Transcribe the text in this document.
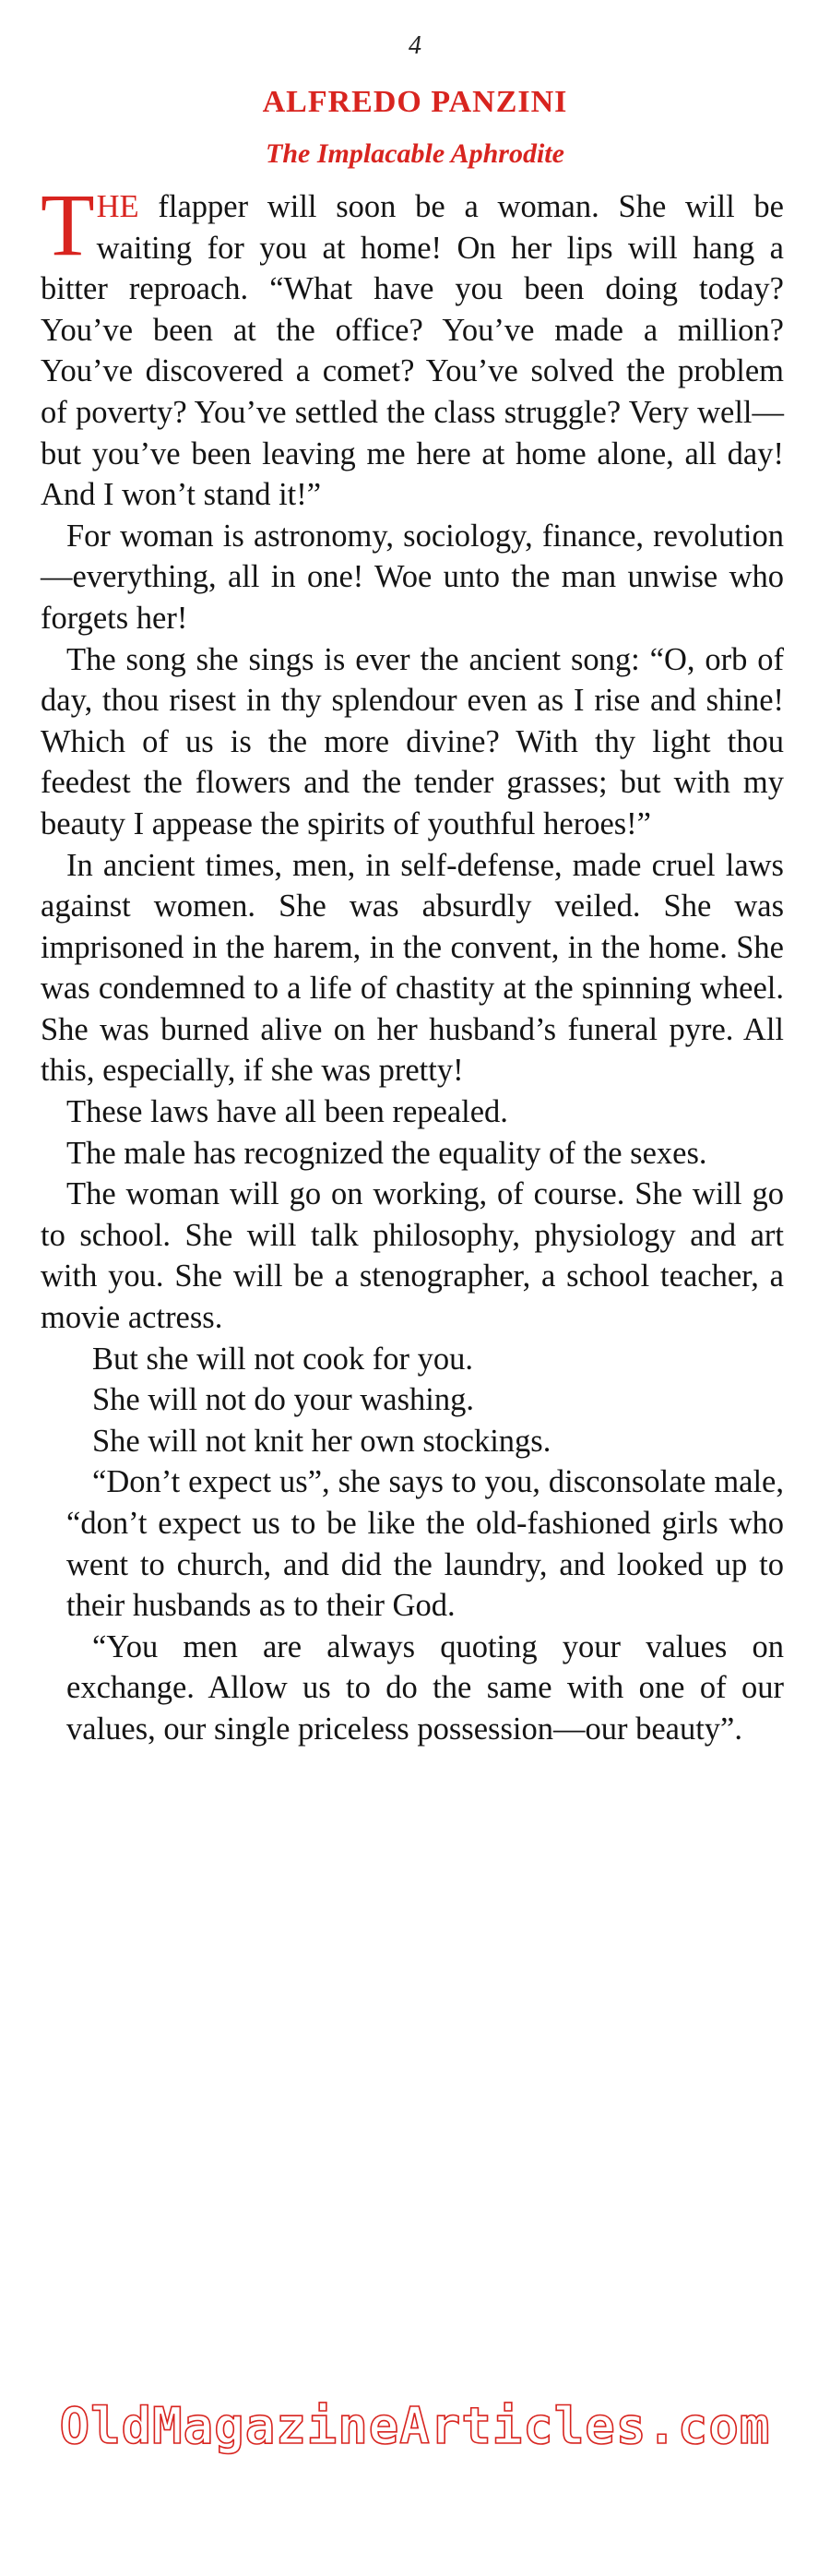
4
ALFREDO PANZINI
The Implacable Aphrodite

THE flapper will soon be a woman. She will be waiting for you at home! On her lips will hang a bitter reproach. “What have you been doing today? You’ve been at the office? You’ve made a million? You’ve discovered a comet? You’ve solved the problem of poverty? You’ve settled the class struggle? Very well—but you’ve been leaving me here at home alone, all day! And I won’t stand it!”

For woman is astronomy, sociology, finance, revolution—everything, all in one! Woe unto the man unwise who forgets her!

The song she sings is ever the ancient song: “O, orb of day, thou risest in thy splendour even as I rise and shine! Which of us is the more divine? With thy light thou feedest the flowers and the tender grasses; but with my beauty I appease the spirits of youthful heroes!”

In ancient times, men, in self-defense, made cruel laws against women. She was absurdly veiled. She was imprisoned in the harem, in the convent, in the home. She was condemned to a life of chastity at the spinning wheel. She was burned alive on her husband’s funeral pyre. All this, especially, if she was pretty!

These laws have all been repealed.

The male has recognized the equality of the sexes.

The woman will go on working, of course. She will go to school. She will talk philosophy, physiology and art with you. She will be a stenographer, a school teacher, a movie actress.

But she will not cook for you.

She will not do your washing.

She will not knit her own stockings.

“Don’t expect us”, she says to you, disconsolate male, “don’t expect us to be like the old-fashioned girls who went to church, and did the laundry, and looked up to their husbands as to their God.

“You men are always quoting your values on exchange. Allow us to do the same with one of our values, our single priceless possession—our beauty”.

OldMagazineArticles.com
